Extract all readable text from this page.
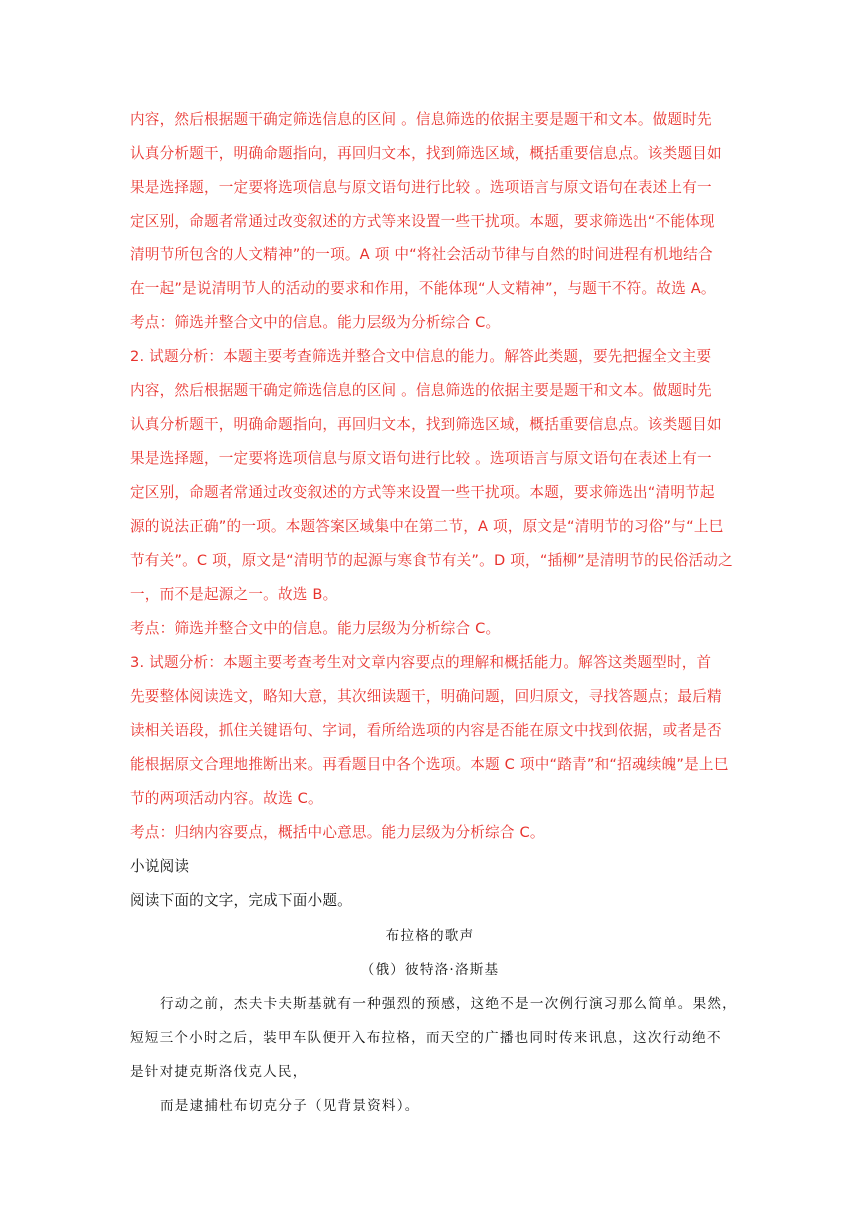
内容，然后根据题干确定筛选信息的区间 。信息筛选的依据主要是题干和文本。做题时先
认真分析题干，明确命题指向，再回归文本，找到筛选区域，概括重要信息点。该类题目如
果是选择题，一定要将选项信息与原文语句进行比较 。选项语言与原文语句在表述上有一
定区别，命题者常通过改变叙述的方式等来设置一些干扰项。本题，要求筛选出“不能体现
清明节所包含的人文精神”的一项。A 项 中“将社会活动节律与自然的时间进程有机地结合
在一起”是说清明节人的活动的要求和作用，不能体现“人文精神”，与题干不符。故选 A。
考点：筛选并整合文中的信息。能力层级为分析综合 C。
2. 试题分析：本题主要考查筛选并整合文中信息的能力。解答此类题，要先把握全文主要
内容，然后根据题干确定筛选信息的区间 。信息筛选的依据主要是题干和文本。做题时先
认真分析题干，明确命题指向，再回归文本，找到筛选区域，概括重要信息点。该类题目如
果是选择题，一定要将选项信息与原文语句进行比较 。选项语言与原文语句在表述上有一
定区别，命题者常通过改变叙述的方式等来设置一些干扰项。本题，要求筛选出“清明节起
源的说法正确”的一项。本题答案区域集中在第二节，A 项，原文是“清明节的习俗”与“上巳
节有关”。C 项，原文是“清明节的起源与寒食节有关”。D 项，“插柳”是清明节的民俗活动之
一，而不是起源之一。故选 B。
考点：筛选并整合文中的信息。能力层级为分析综合 C。
3. 试题分析：本题主要考查考生对文章内容要点的理解和概括能力。解答这类题型时，首
先要整体阅读选文，略知大意，其次细读题干，明确问题，回归原文，寻找答题点；最后精
读相关语段，抓住关键语句、字词，看所给选项的内容是否能在原文中找到依据，或者是否
能根据原文合理地推断出来。再看题目中各个选项。本题 C 项中“踏青”和“招魂续魄”是上巳
节的两项活动内容。故选 C。
考点：归纳内容要点，概括中心意思。能力层级为分析综合 C。
小说阅读
阅读下面的文字，完成下面小题。
布拉格的歌声
（俄）彼特洛·洛斯基
行动之前，杰夫卡夫斯基就有一种强烈的预感，这绝不是一次例行演习那么简单。果然，
短短三个小时之后，装甲车队便开入布拉格，而天空的广播也同时传来讯息，这次行动绝不
是针对捷克斯洛伐克人民，
而是逮捕杜布切克分子（见背景资料）。
